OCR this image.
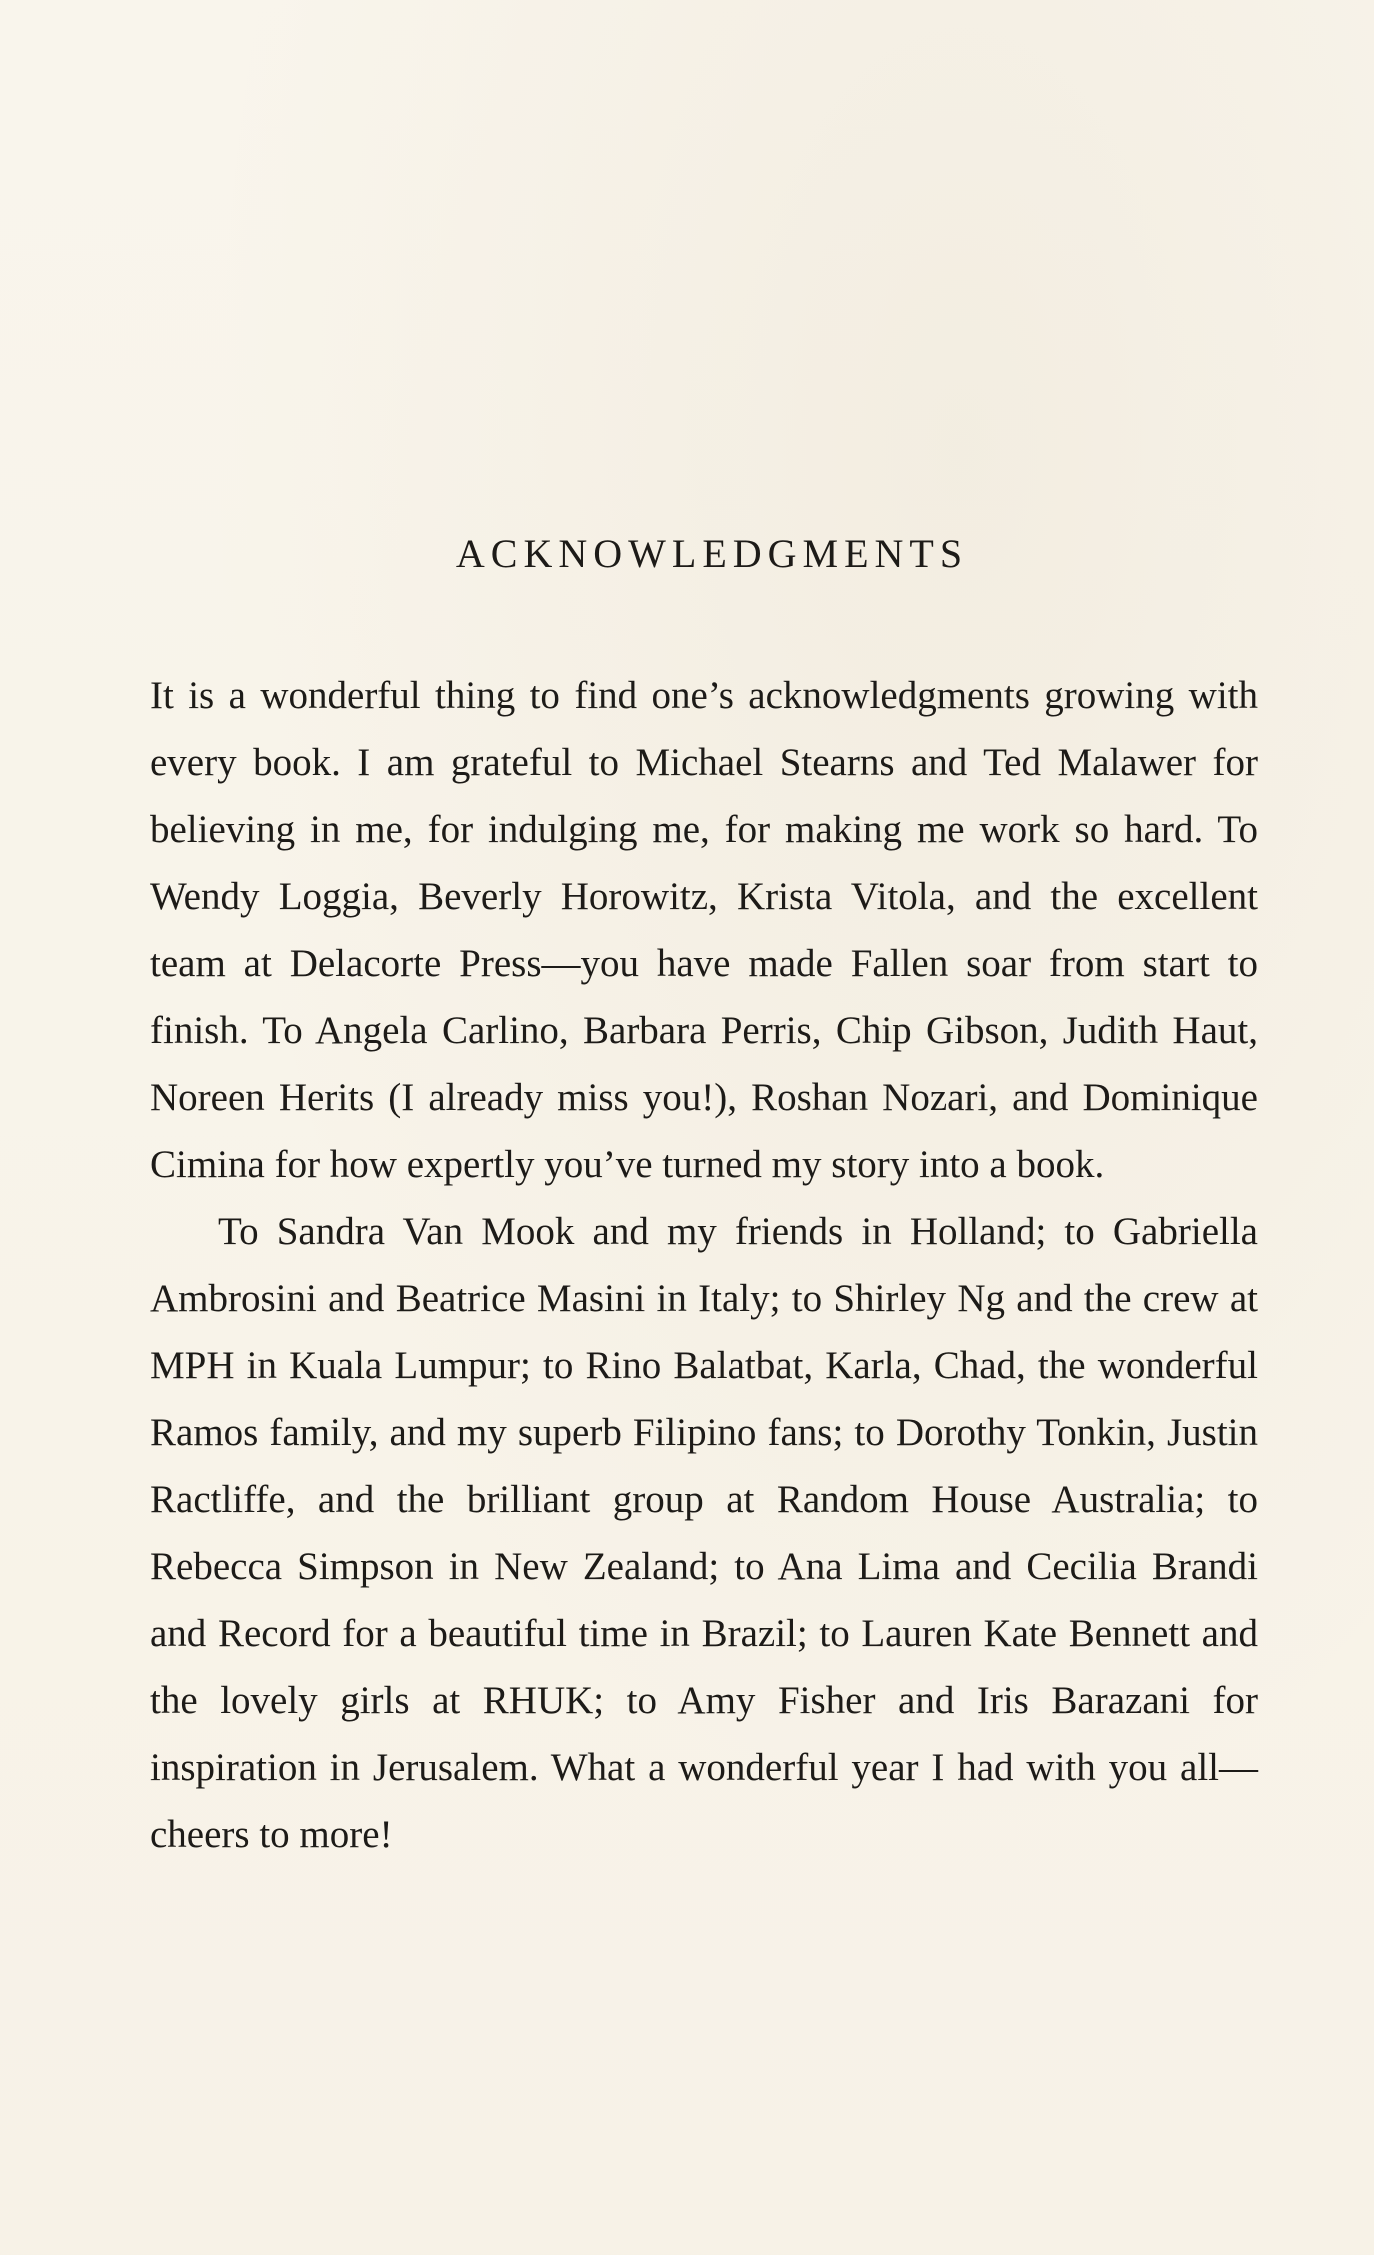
ACKNOWLEDGMENTS

It is a wonderful thing to find one’s acknowledgments growing with every book. I am grateful to Michael Stearns and Ted Malawer for believing in me, for indulging me, for making me work so hard. To Wendy Loggia, Beverly Horowitz, Krista Vitola, and the excellent team at Delacorte Press—you have made Fallen soar from start to finish. To Angela Carlino, Barbara Perris, Chip Gibson, Judith Haut, Noreen Herits (I already miss you!), Roshan Nozari, and Dominique Cimina for how expertly you’ve turned my story into a book.

To Sandra Van Mook and my friends in Holland; to Gabriella Ambrosini and Beatrice Masini in Italy; to Shirley Ng and the crew at MPH in Kuala Lumpur; to Rino Balatbat, Karla, Chad, the wonderful Ramos family, and my superb Filipino fans; to Dorothy Tonkin, Justin Ractliffe, and the brilliant group at Random House Australia; to Rebecca Simpson in New Zealand; to Ana Lima and Cecilia Brandi and Record for a beautiful time in Brazil; to Lauren Kate Bennett and the lovely girls at RHUK; to Amy Fisher and Iris Barazani for inspiration in Jerusalem. What a wonderful year I had with you all—cheers to more!
